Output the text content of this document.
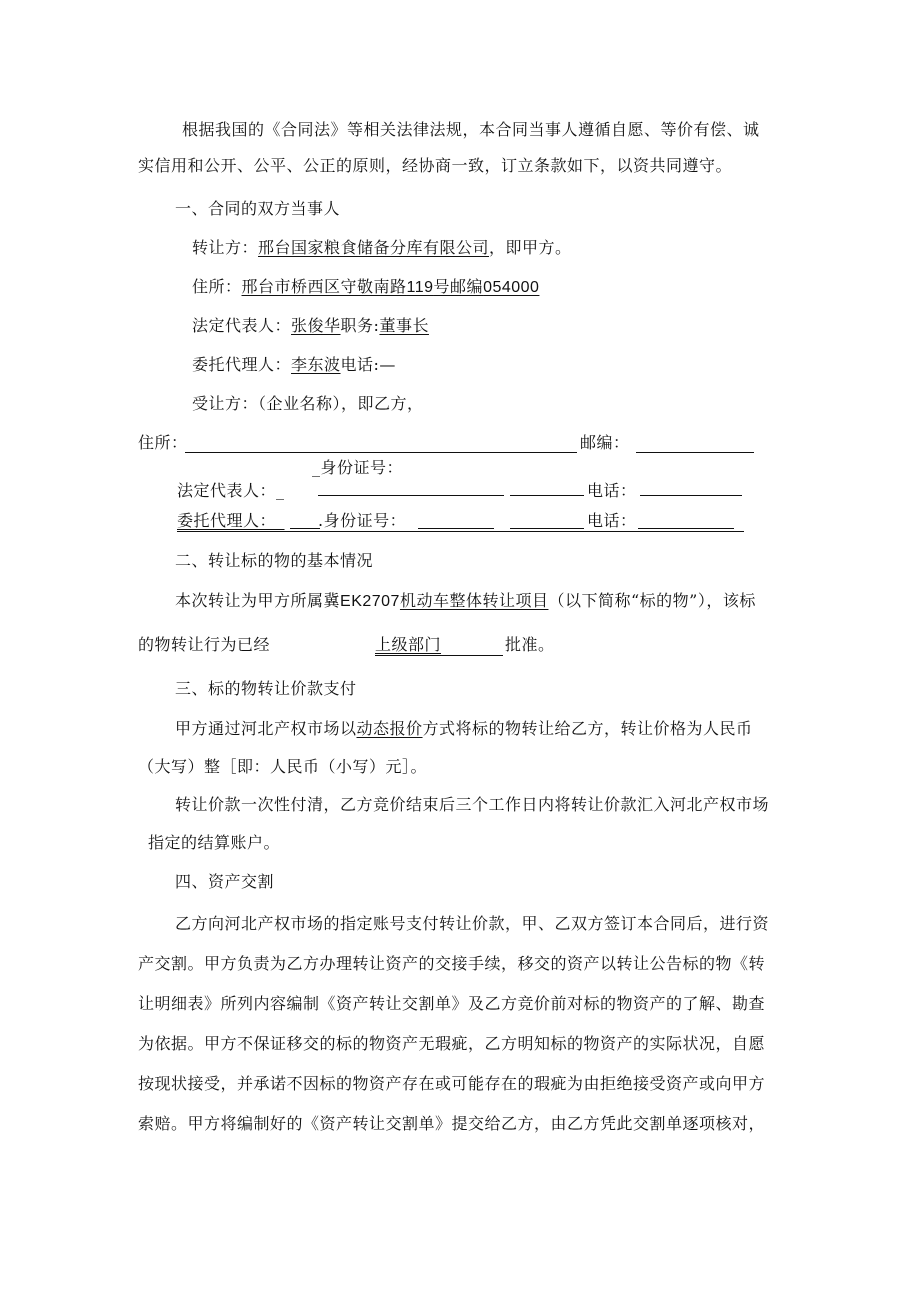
根据我国的《合同法》等相关法律法规，本合同当事人遵循自愿、等价有偿、诚
实信用和公开、公平、公正的原则，经协商一致，订立条款如下，以资共同遵守。
一、合同的双方当事人
转让方：邢台国家粮食储备分库有限公司，即甲方。
住所：邢台市桥西区守敬南路119号邮编054000
法定代表人：张俊华职务:董事长
委托代理人：李东波电话:—
受让方：（企业名称），即乙方，
住所：	邮编：
_身份证号：
法定代表人：_	电话：
委托代理人：_ .身份证号：	电话：
二、转让标的物的基本情况
本次转让为甲方所属冀EK2707机动车整体转让项目（以下简称“标的物”），该标
的物转让行为已经	上级部门	批准。
三、标的物转让价款支付
甲方通过河北产权市场以动态报价方式将标的物转让给乙方，转让价格为人民币
（大写）整［即：人民币（小写）元］。
转让价款一次性付清，乙方竞价结束后三个工作日内将转让价款汇入河北产权市场
指定的结算账户。
四、资产交割
乙方向河北产权市场的指定账号支付转让价款，甲、乙双方签订本合同后，进行资
产交割。甲方负责为乙方办理转让资产的交接手续，移交的资产以转让公告标的物《转
让明细表》所列内容编制《资产转让交割单》及乙方竞价前对标的物资产的了解、勘查
为依据。甲方不保证移交的标的物资产无瑕疵，乙方明知标的物资产的实际状况，自愿
按现状接受，并承诺不因标的物资产存在或可能存在的瑕疵为由拒绝接受资产或向甲方
索赔。甲方将编制好的《资产转让交割单》提交给乙方，由乙方凭此交割单逐项核对，
